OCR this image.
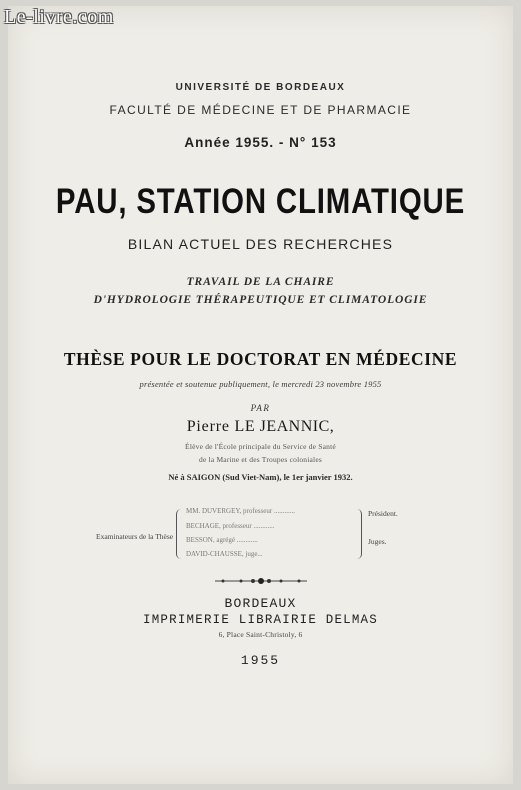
Le-livre.com
UNIVERSITÉ DE BORDEAUX
FACULTÉ DE MÉDECINE ET DE PHARMACIE
Année 1955. - N° 153
PAU, STATION CLIMATIQUE
BILAN ACTUEL DES RECHERCHES
TRAVAIL DE LA CHAIRE
D'HYDROLOGIE THÉRAPEUTIQUE ET CLIMATOLOGIE
THÈSE POUR LE DOCTORAT EN MÉDECINE
présentée et soutenue publiquement, le mercredi 23 novembre 1955
PAR
Pierre LE JEANNIC,
Élève de l'École principale du Service de Santé
de la Marine et des Troupes coloniales
Né à SAIGON (Sud Viet-Nam), le 1er janvier 1932.
Examinateurs de la Thèse
MM. DUVERGEY, professeur ............
BECHAGE, professeur ............
BESSON, agrégé ............
DAVID-CHAUSSE, juge...
Président.
Juges.
BORDEAUX
IMPRIMERIE LIBRAIRIE DELMAS
6, Place Saint-Christoly, 6
1955
